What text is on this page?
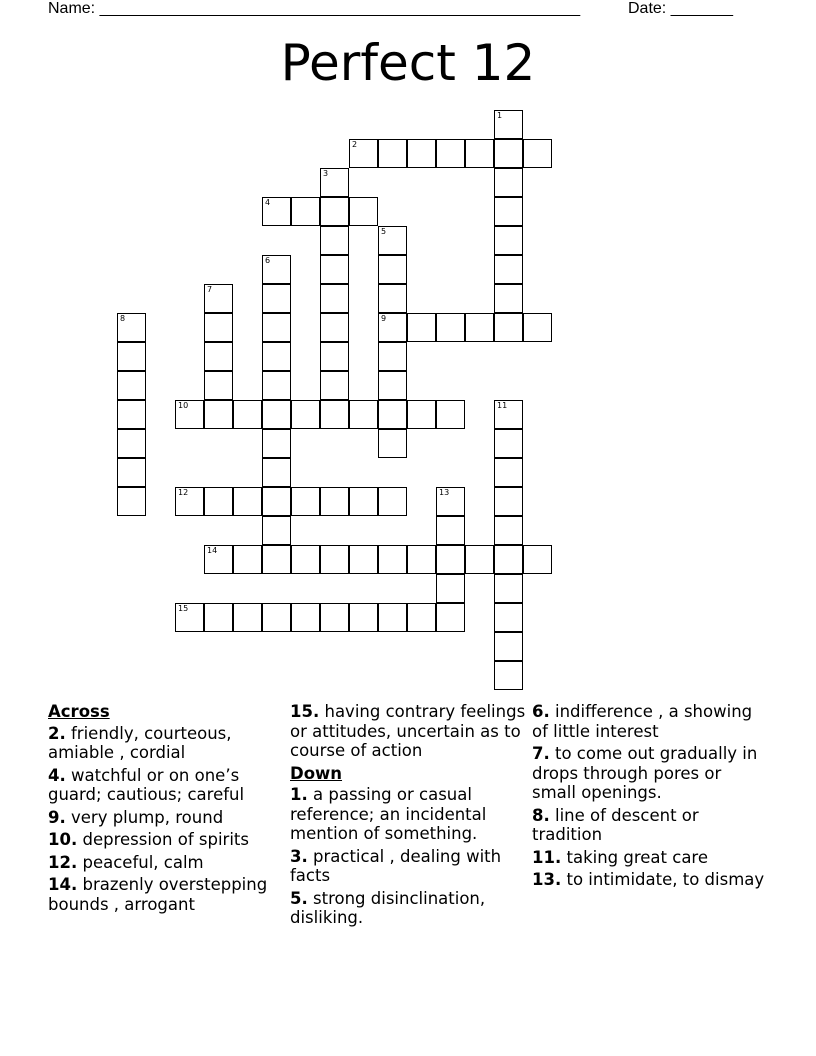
Name: ______________________________________________________	Date: _______
Perfect 12
1
2
3
4
5
9
6
7
8
10	11
12	13
14
15
Across
2. friendly, courteous, amiable , cordial
4. watchful or on one’s guard; cautious; careful
9. very plump, round
10. depression of spirits
12. peaceful, calm
14. brazenly overstepping bounds , arrogant
15. having contrary feelings or attitudes, uncertain as to course of action
Down
1. a passing or casual reference; an incidental mention of something.
3. practical , dealing with facts
5. strong disinclination, disliking.
6. indifference , a showing of little interest
7. to come out gradually in drops through pores or small openings.
8. line of descent or tradition
11. taking great care
13. to intimidate, to dismay
